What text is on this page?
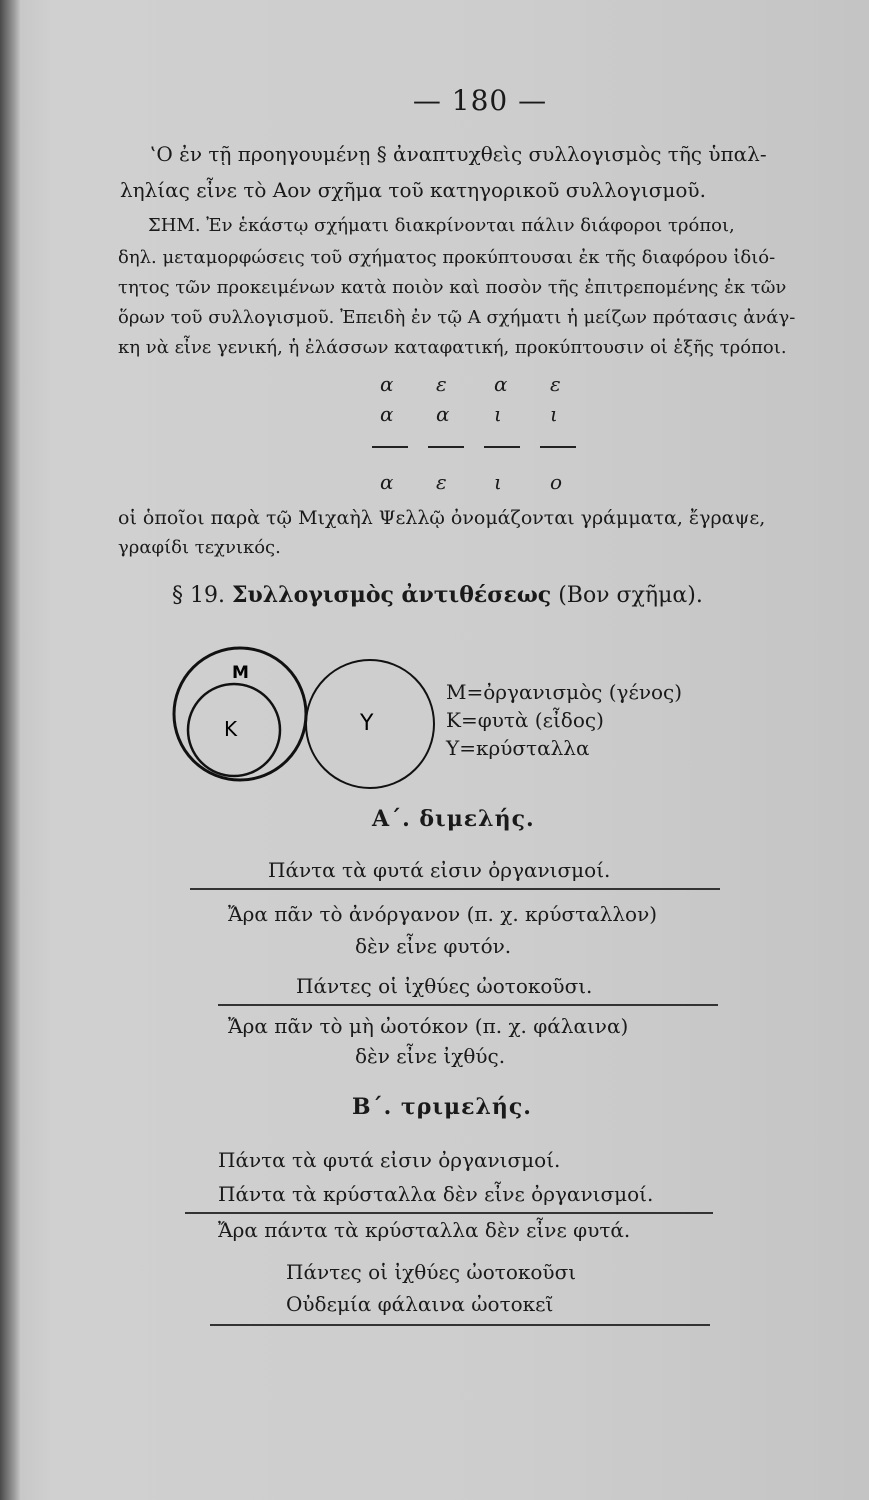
— 180 —
‛Ο ἐν τῇ προηγουμένῃ § ἀναπτυχθεὶς συλλογισμὸς τῆς ὑπαλ-
ληλίας εἶνε τὸ Αον σχῆμα τοῦ κατηγορικοῦ συλλογισμοῦ.
ΣΗΜ. Ἐν ἑκάστῳ σχήματι διακρίνονται πάλιν διάφοροι τρόποι,
δηλ. μεταμορφώσεις τοῦ σχήματος προκύπτουσαι ἐκ τῆς διαφόρου ἰδιό-
τητος τῶν προκειμένων κατὰ ποιὸν καὶ ποσὸν τῆς ἐπιτρεπομένης ἐκ τῶν
ὅρων τοῦ συλλογισμοῦ. Ἐπειδὴ ἐν τῷ Α σχήματι ἡ μείζων πρότασις ἀνάγ-
κη νὰ εἶνε γενική, ἡ ἐλάσσων καταφατική, προκύπτουσιν οἱ ἑξῆς τρόποι.
α ε α ε
α α ι ι
α ε ι ο
οἱ ὁποῖοι παρὰ τῷ Μιχαὴλ Ψελλῷ ὀνομάζονται γράμματα, ἔγραψε,
γραφίδι τεχνικός.
§ 19. Συλλογισμὸς ἀντιθέσεως (Βον σχῆμα).
M
K	Y
M=ὀργανισμὸς (γένος)
K=φυτὰ (εἶδος)
Υ=κρύσταλλα
Α΄. διμελής.
Πάντα τὰ φυτά εἰσιν ὀργανισμοί.
Ἄρα πᾶν τὸ ἀνόργανον (π. χ. κρύσταλλον)
δὲν εἶνε φυτόν.
Πάντες οἱ ἰχθύες ὠοτοκοῦσι.
Ἄρα πᾶν τὸ μὴ ὠοτόκον (π. χ. φάλαινα)
δὲν εἶνε ἰχθύς.
Β΄. τριμελής.
Πάντα τὰ φυτά εἰσιν ὀργανισμοί.
Πάντα τὰ κρύσταλλα δὲν εἶνε ὀργανισμοί.
Ἄρα πάντα τὰ κρύσταλλα δὲν εἶνε φυτά.
Πάντες οἱ ἰχθύες ὠοτοκοῦσι
Οὐδεμία φάλαινα ὠοτοκεῖ
